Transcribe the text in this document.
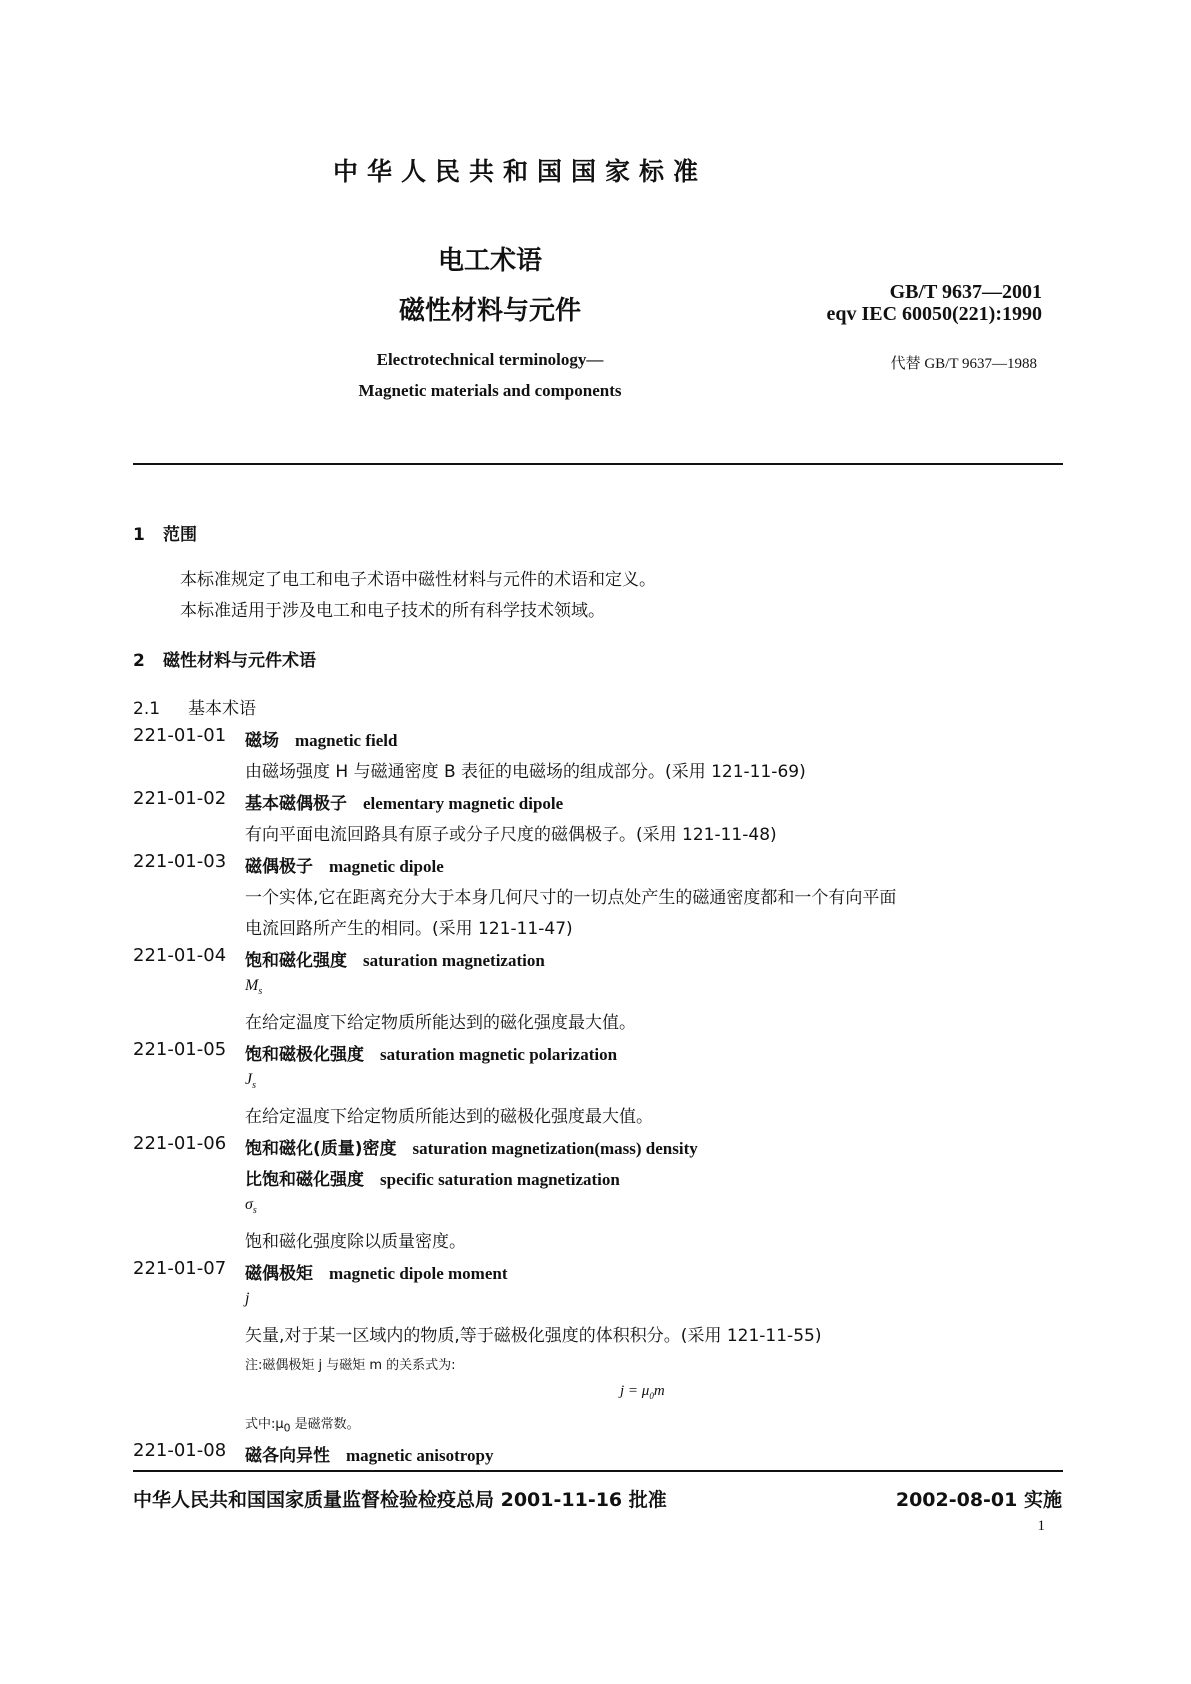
中华人民共和国国家标准
电工术语
磁性材料与元件
Electrotechnical terminology—
Magnetic materials and components
GB/T 9637—2001
eqv IEC 60050(221):1990
代替 GB/T 9637—1988
1 范围
本标准规定了电工和电子术语中磁性材料与元件的术语和定义。
本标准适用于涉及电工和电子技术的所有科学技术领域。
2 磁性材料与元件术语
2.1 基本术语
221-01-01 磁场 magnetic field
由磁场强度 H 与磁通密度 B 表征的电磁场的组成部分。(采用 121-11-69)
221-01-02 基本磁偶极子 elementary magnetic dipole
有向平面电流回路具有原子或分子尺度的磁偶极子。(采用 121-11-48)
221-01-03 磁偶极子 magnetic dipole
一个实体,它在距离充分大于本身几何尺寸的一切点处产生的磁通密度都和一个有向平面
电流回路所产生的相同。(采用 121-11-47)
221-01-04 饱和磁化强度 saturation magnetization
$M_s$
在给定温度下给定物质所能达到的磁化强度最大值。
221-01-05 饱和磁极化强度 saturation magnetic polarization
$J_s$
在给定温度下给定物质所能达到的磁极化强度最大值。
221-01-06 饱和磁化(质量)密度 saturation magnetization(mass) density
比饱和磁化强度 specific saturation magnetization
$\sigma_s$
饱和磁化强度除以质量密度。
221-01-07 磁偶极矩 magnetic dipole moment
j
矢量,对于某一区域内的物质,等于磁极化强度的体积积分。(采用 121-11-55)
注:磁偶极矩 j 与磁矩 m 的关系式为:
$j = \mu_0m$
式中$:\mu_0$ 是磁常数。
221-01-08 磁各向异性 magnetic anisotropy
中华人民共和国国家质量监督检验检疫总局 2001-11-16 批准	2002-08-01 实施
1
